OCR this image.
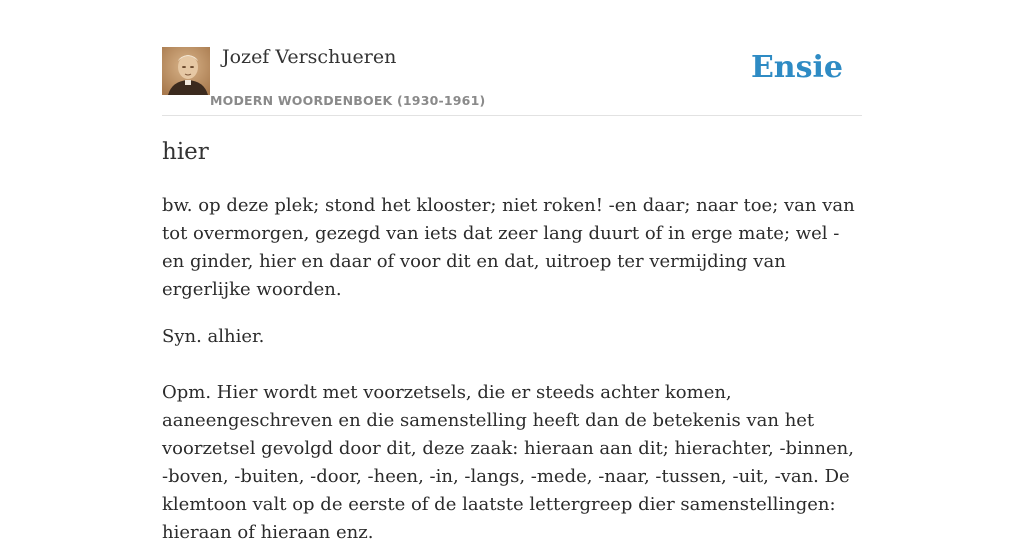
Jozef Verschueren
MODERN WOORDENBOEK (1930-1961)
Ensie
hier

bw. op deze plek; stond het klooster; niet roken! -en daar; naar toe; van van tot overmorgen, gezegd van iets dat zeer lang duurt of in erge mate; wel - en ginder, hier en daar of voor dit en dat, uitroep ter vermijding van ergerlijke woorden.

Syn. alhier.

Opm. Hier wordt met voorzetsels, die er steeds achter komen, aaneengeschreven en die samenstelling heeft dan de betekenis van het voorzetsel gevolgd door dit, deze zaak: hieraan aan dit; hierachter, -binnen, -boven, -buiten, -door, -heen, -in, -langs, -mede, -naar, -tussen, -uit, -van. De klemtoon valt op de eerste of de laatste lettergreep dier samenstellingen: hieraan of hieraan enz.
